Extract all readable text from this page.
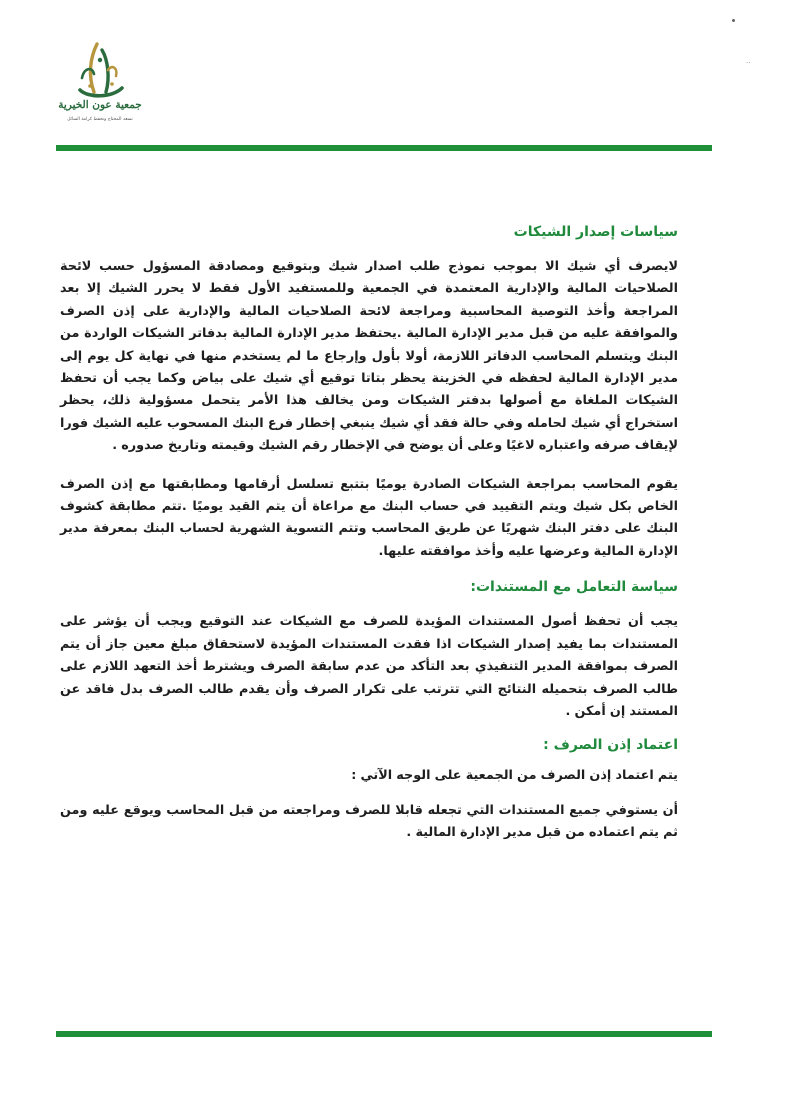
..
جمعية عون الخيرية
نسعد المحتاج ونحفظ كرامة السائل
سياسات إصدار الشيكات

لايصرف أي شيك الا بموجب نموذج طلب اصدار شيك وبتوقيع ومصادقة المسؤول حسب لائحة الصلاحيات المالية والإدارية المعتمدة في الجمعية وللمستفيد الأول فقط لا يحرر الشيك إلا بعد المراجعة وأخذ التوصية المحاسبية ومراجعة لائحة الصلاحيات المالية والإدارية على إذن الصرف والموافقة عليه من قبل مدير الإدارة المالية .يحتفظ مدير الإدارة المالية بدفاتر الشيكات الواردة من البنك ويتسلم المحاسب الدفاتر اللازمة، أولا بأول وإرجاع ما لم يستخدم منها في نهاية كل يوم إلى مدير الإدارة المالية لحفظه في الخزينة يحظر بتاتا توقيع أي شيك على بياض وكما يجب أن تحفظ الشيكات الملغاة مع أصولها بدفتر الشيكات ومن يخالف هذا الأمر يتحمل مسؤولية ذلك، يحظر استخراج أي شيك لحامله وفي حالة فقد أي شيك ينبغي إخطار فرع البنك المسحوب عليه الشيك فورا لإيقاف صرفه واعتباره لاغيًا وعلى أن يوضح في الإخطار رقم الشيك وقيمته وتاريخ صدوره .

يقوم المحاسب بمراجعة الشيكات الصادرة يوميًا بتتبع تسلسل أرقامها ومطابقتها مع إذن الصرف الخاص بكل شيك ويتم التقييد في حساب البنك مع مراعاة أن يتم القيد يوميًا .تتم مطابقة كشوف البنك على دفتر البنك شهريًا عن طريق المحاسب وتتم التسوية الشهرية لحساب البنك بمعرفة مدير الإدارة المالية وعرضها عليه وأخذ موافقته عليها.

سياسة التعامل مع المستندات:

يجب أن تحفظ أصول المستندات المؤيدة للصرف مع الشيكات عند التوقيع ويجب أن يؤشر على المستندات بما يفيد إصدار الشيكات اذا فقدت المستندات المؤيدة لاستحقاق مبلغ معين جاز أن يتم الصرف بموافقة المدير التنفيذي بعد التأكد من عدم سابقة الصرف ويشترط أخذ التعهد اللازم على طالب الصرف بتحميله النتائج التي تترتب على تكرار الصرف وأن يقدم طالب الصرف بدل فاقد عن المستند إن أمكن .

اعتماد إذن الصرف :

يتم اعتماد إذن الصرف من الجمعية على الوجه الآتي :

أن يستوفي جميع المستندات التي تجعله قابلا للصرف ومراجعته من قبل المحاسب ويوقع عليه ومن ثم يتم اعتماده من قبل مدير الإدارة المالية .
